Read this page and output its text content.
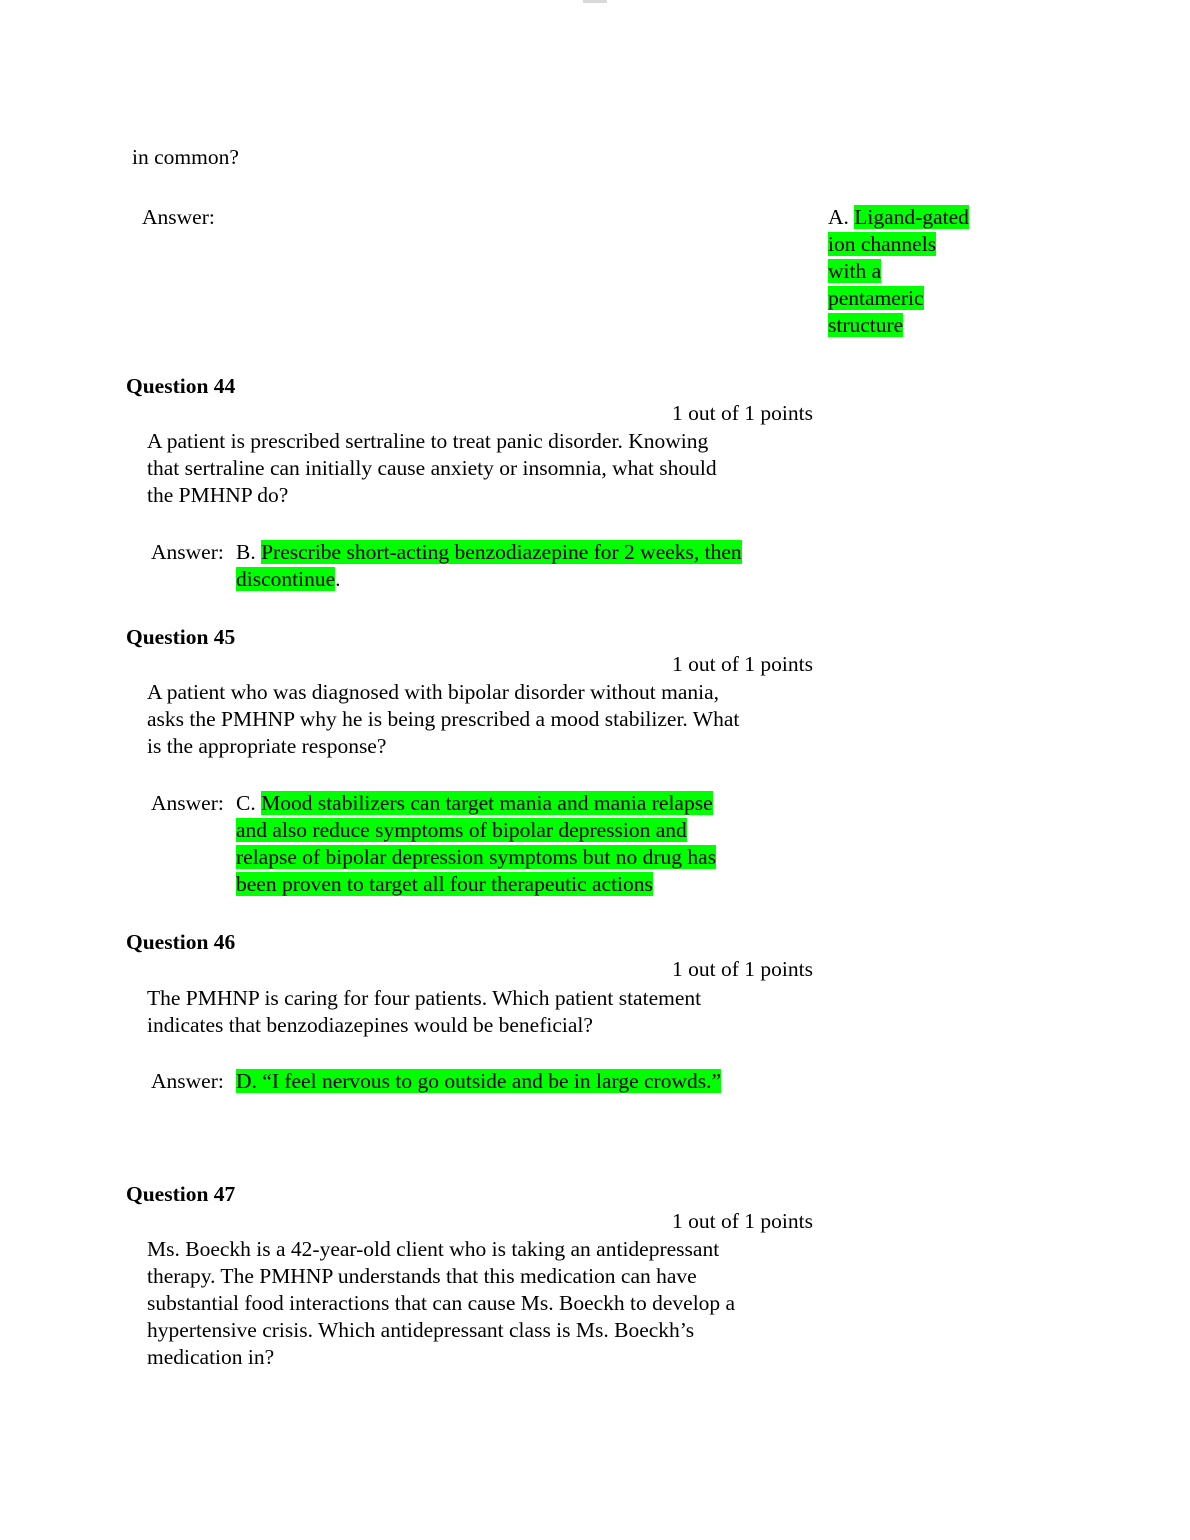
in common?

Answer:	A. Ligand-gated
ion channels
with a
pentameric
structure

Question 44

1 out of 1 points

A patient is prescribed sertraline to treat panic disorder. Knowing
that sertraline can initially cause anxiety or insomnia, what should
the PMHNP do?

Answer: B. Prescribe short-acting benzodiazepine for 2 weeks, then
discontinue.

Question 45

1 out of 1 points

A patient who was diagnosed with bipolar disorder without mania,
asks the PMHNP why he is being prescribed a mood stabilizer. What
is the appropriate response?

Answer: C. Mood stabilizers can target mania and mania relapse
and also reduce symptoms of bipolar depression and
relapse of bipolar depression symptoms but no drug has
been proven to target all four therapeutic actions

Question 46

1 out of 1 points

The PMHNP is caring for four patients. Which patient statement
indicates that benzodiazepines would be beneficial?

Answer: D. “I feel nervous to go outside and be in large crowds.”

Question 47

1 out of 1 points

Ms. Boeckh is a 42-year-old client who is taking an antidepressant
therapy. The PMHNP understands that this medication can have
substantial food interactions that can cause Ms. Boeckh to develop a
hypertensive crisis. Which antidepressant class is Ms. Boeckh’s
medication in?
